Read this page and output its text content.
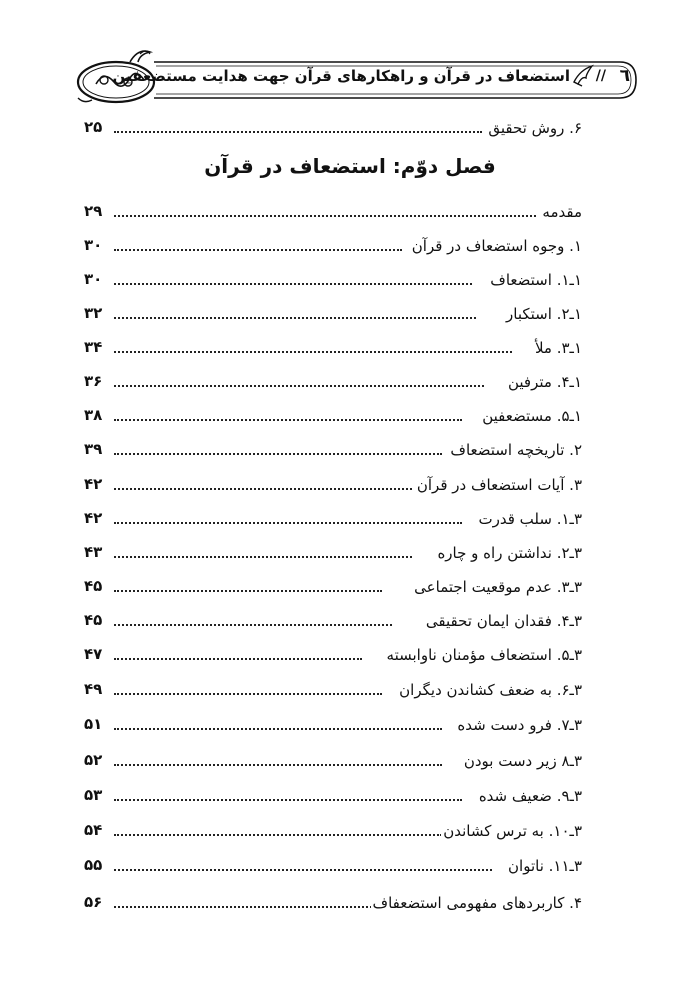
استضعاف در قرآن و راهکارهای قرآن جهت هدایت مستضعفین // ٦
۶. روش تحقیق
۲۵
فصل دوّم: استضعاف در قرآن
مقدمه
۲۹
۱. وجوه استضعاف در قرآن
۳۰
۱ـ۱. استضعاف
۳۰
۱ـ۲. استکبار
۳۲
۱ـ۳. ملأ
۳۴
۱ـ۴. مترفین
۳۶
۱ـ۵. مستضعفین
۳۸
۲. تاریخچه استضعاف
۳۹
۳. آیات استضعاف در قرآن
۴۲
۳ـ۱. سلب قدرت
۴۲
۳ـ۲. نداشتن راه و چاره
۴۳
۳ـ۳. عدم موقعیت اجتماعی
۴۵
۳ـ۴. فقدان ایمان تحقیقی
۴۵
۳ـ۵. استضعاف مؤمنان ناوابسته
۴۷
۳ـ۶. به ضعف کشاندن دیگران
۴۹
۳ـ۷. فرو دست شده
۵۱
۳ـ۸ زیر دست بودن
۵۲
۳ـ۹. ضعیف شده
۵۳
۳ـ۱۰. به ترس کشاندن
۵۴
۳ـ۱۱. ناتوان
۵۵
۴. کاربردهای مفهومی استضعفاف
۵۶
